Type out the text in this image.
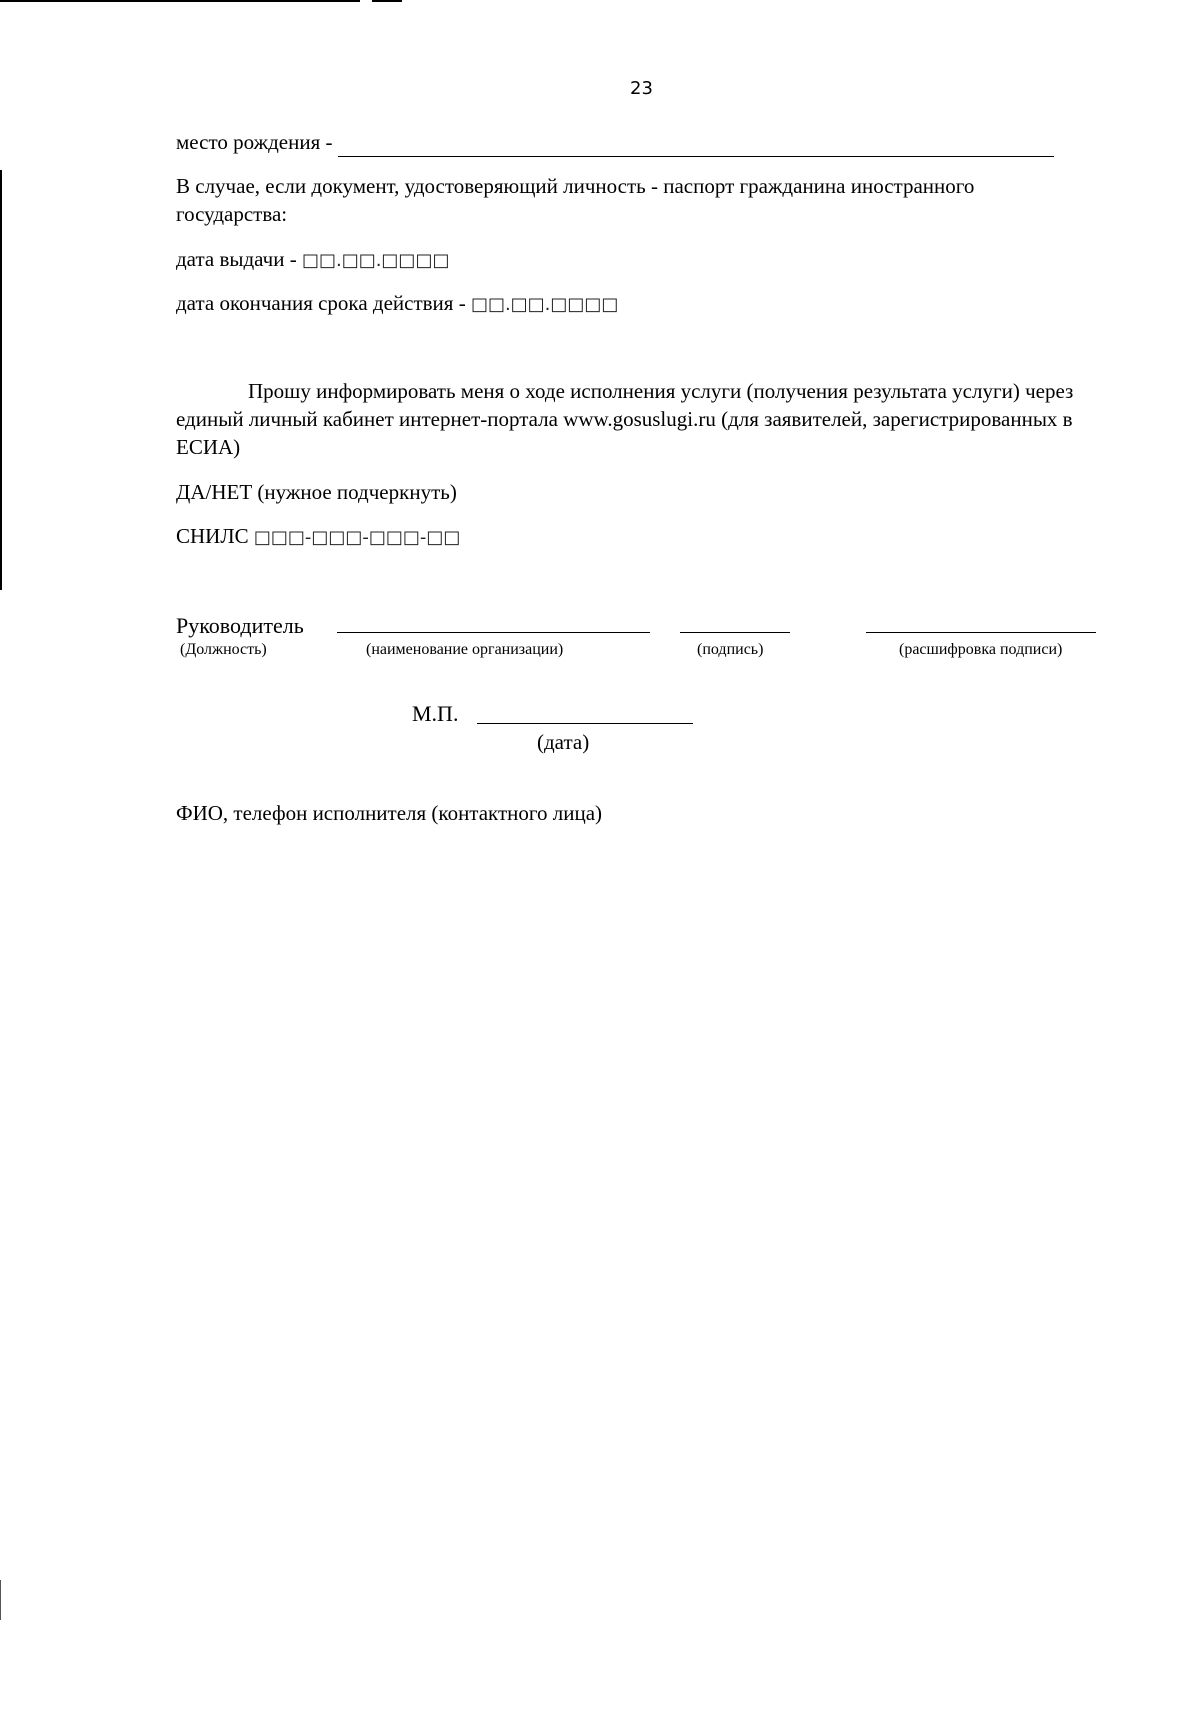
23
место рождения -
В случае, если документ, удостоверяющий личность - паспорт гражданина иностранного государства:
дата выдачи - □□.□□.□□□□
дата окончания срока действия - □□.□□.□□□□
Прошу информировать меня о ходе исполнения услуги (получения результата услуги) через единый личный кабинет интернет-портала www.gosuslugi.ru (для заявителей, зарегистрированных в ЕСИА)
ДА/НЕТ (нужное подчеркнуть)
СНИЛС □□□-□□□-□□□-□□
Руководитель
(Должность)	(наименование организации)	(подпись)	(расшифровка подписи)
М.П.
(дата)
ФИО, телефон исполнителя (контактного лица)
